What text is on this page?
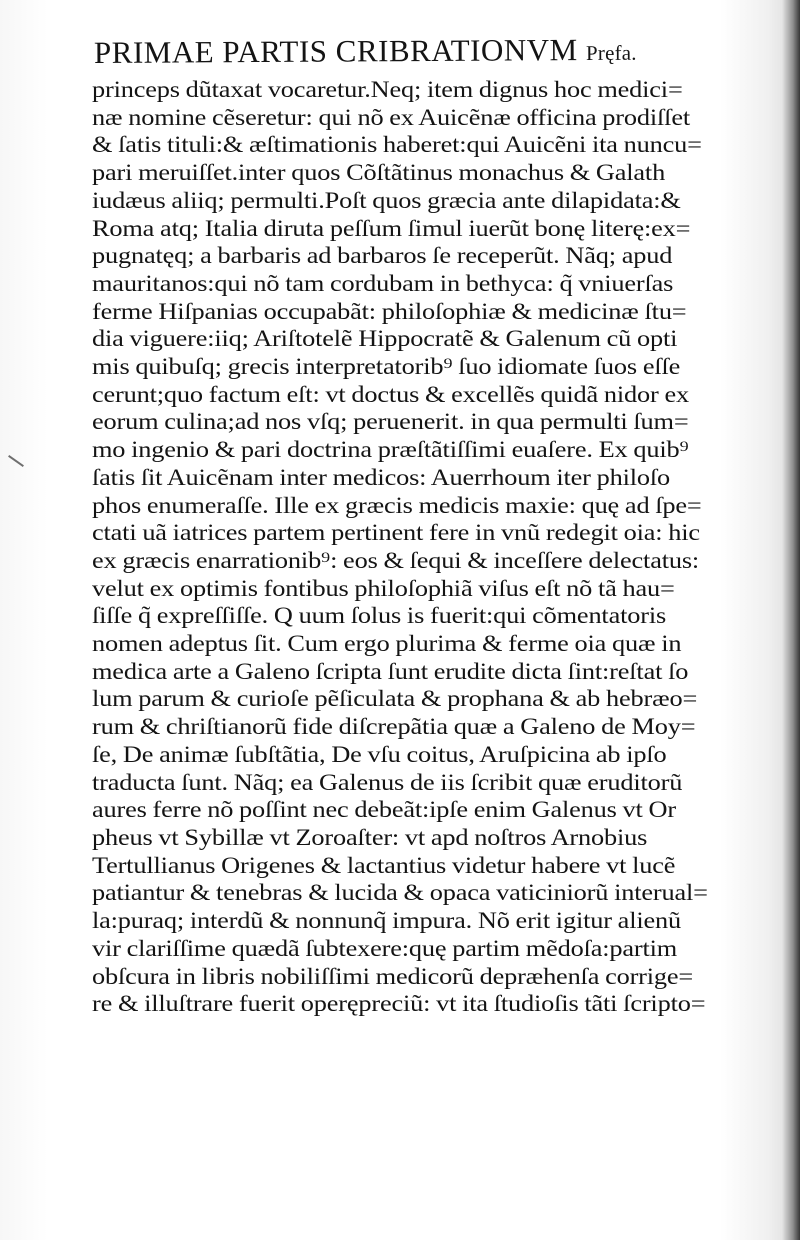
PRIMAE PARTIS CRIBRATIONVM Pręfa.
princeps dũtaxat vocaretur.Neq; item dignus hoc medici=
næ nomine cẽseretur: qui nõ ex Auicẽnæ officina prodiſſet
& ſatis tituli:& æſtimationis haberet:qui Auicẽni ita nuncu=
pari meruiſſet.inter quos Cõſtãtinus monachus & Galath
iudæus aliiq; permulti.Poſt quos græcia ante dilapidata:&
Roma atq; Italia diruta peſſum ſimul iuerũt bonę literę:ex=
pugnatęq; a barbaris ad barbaros ſe receperũt. Nãq; apud
mauritanos:qui nõ tam cordubam in bethyca: q̃ vniuerſas
ferme Hiſpanias occupabãt: philoſophiæ & medicinæ ſtu=
dia viguere:iiq; Ariſtotelẽ Hippocratẽ & Galenum cũ opti
mis quibuſq; grecis interpretatorib⁹ ſuo idiomate ſuos eſſe
cerunt;quo factum eſt: vt doctus & excellẽs quidã nidor ex
eorum culina;ad nos vſq; peruenerit. in qua permulti ſum=
mo ingenio & pari doctrina præſtãtiſſimi euaſere. Ex quib⁹
ſatis ſit Auicẽnam inter medicos: Auerrhoum iter philoſo
phos enumeraſſe. Ille ex græcis medicis maxie: quę ad ſpe=
ctati uã iatrices partem pertinent fere in vnũ redegit oia: hic
ex græcis enarrationib⁹: eos & ſequi & inceſſere delectatus:
velut ex optimis fontibus philoſophiã viſus eſt nõ tã hau=
ſiſſe q̃ expreſſiſſe. Q uum ſolus is fuerit:qui cõmentatoris
nomen adeptus ſit. Cum ergo plurima & ferme oia quæ in
medica arte a Galeno ſcripta ſunt erudite dicta ſint:reſtat ſo
lum parum & curioſe pẽſiculata & prophana & ab hebræo=
rum & chriſtianorũ fide diſcrepãtia quæ a Galeno de Moy=
ſe, De animæ ſubſtãtia, De vſu coitus, Aruſpicina ab ipſo
traducta ſunt. Nãq; ea Galenus de iis ſcribit quæ eruditorũ
aures ferre nõ poſſint nec debeãt:ipſe enim Galenus vt Or
pheus vt Sybillæ vt Zoroaſter: vt apd noſtros Arnobius
Tertullianus Origenes & lactantius videtur habere vt lucẽ
patiantur & tenebras & lucida & opaca vaticiniorũ interual=
la:puraq; interdũ & nonnunq̃ impura. Nõ erit igitur alienũ
vir clariſſime quædã ſubtexere:quę partim mẽdoſa:partim
obſcura in libris nobiliſſimi medicorũ depræhenſa corrige=
re & illuſtrare fuerit operępreciũ: vt ita ſtudioſis tãti ſcripto=
